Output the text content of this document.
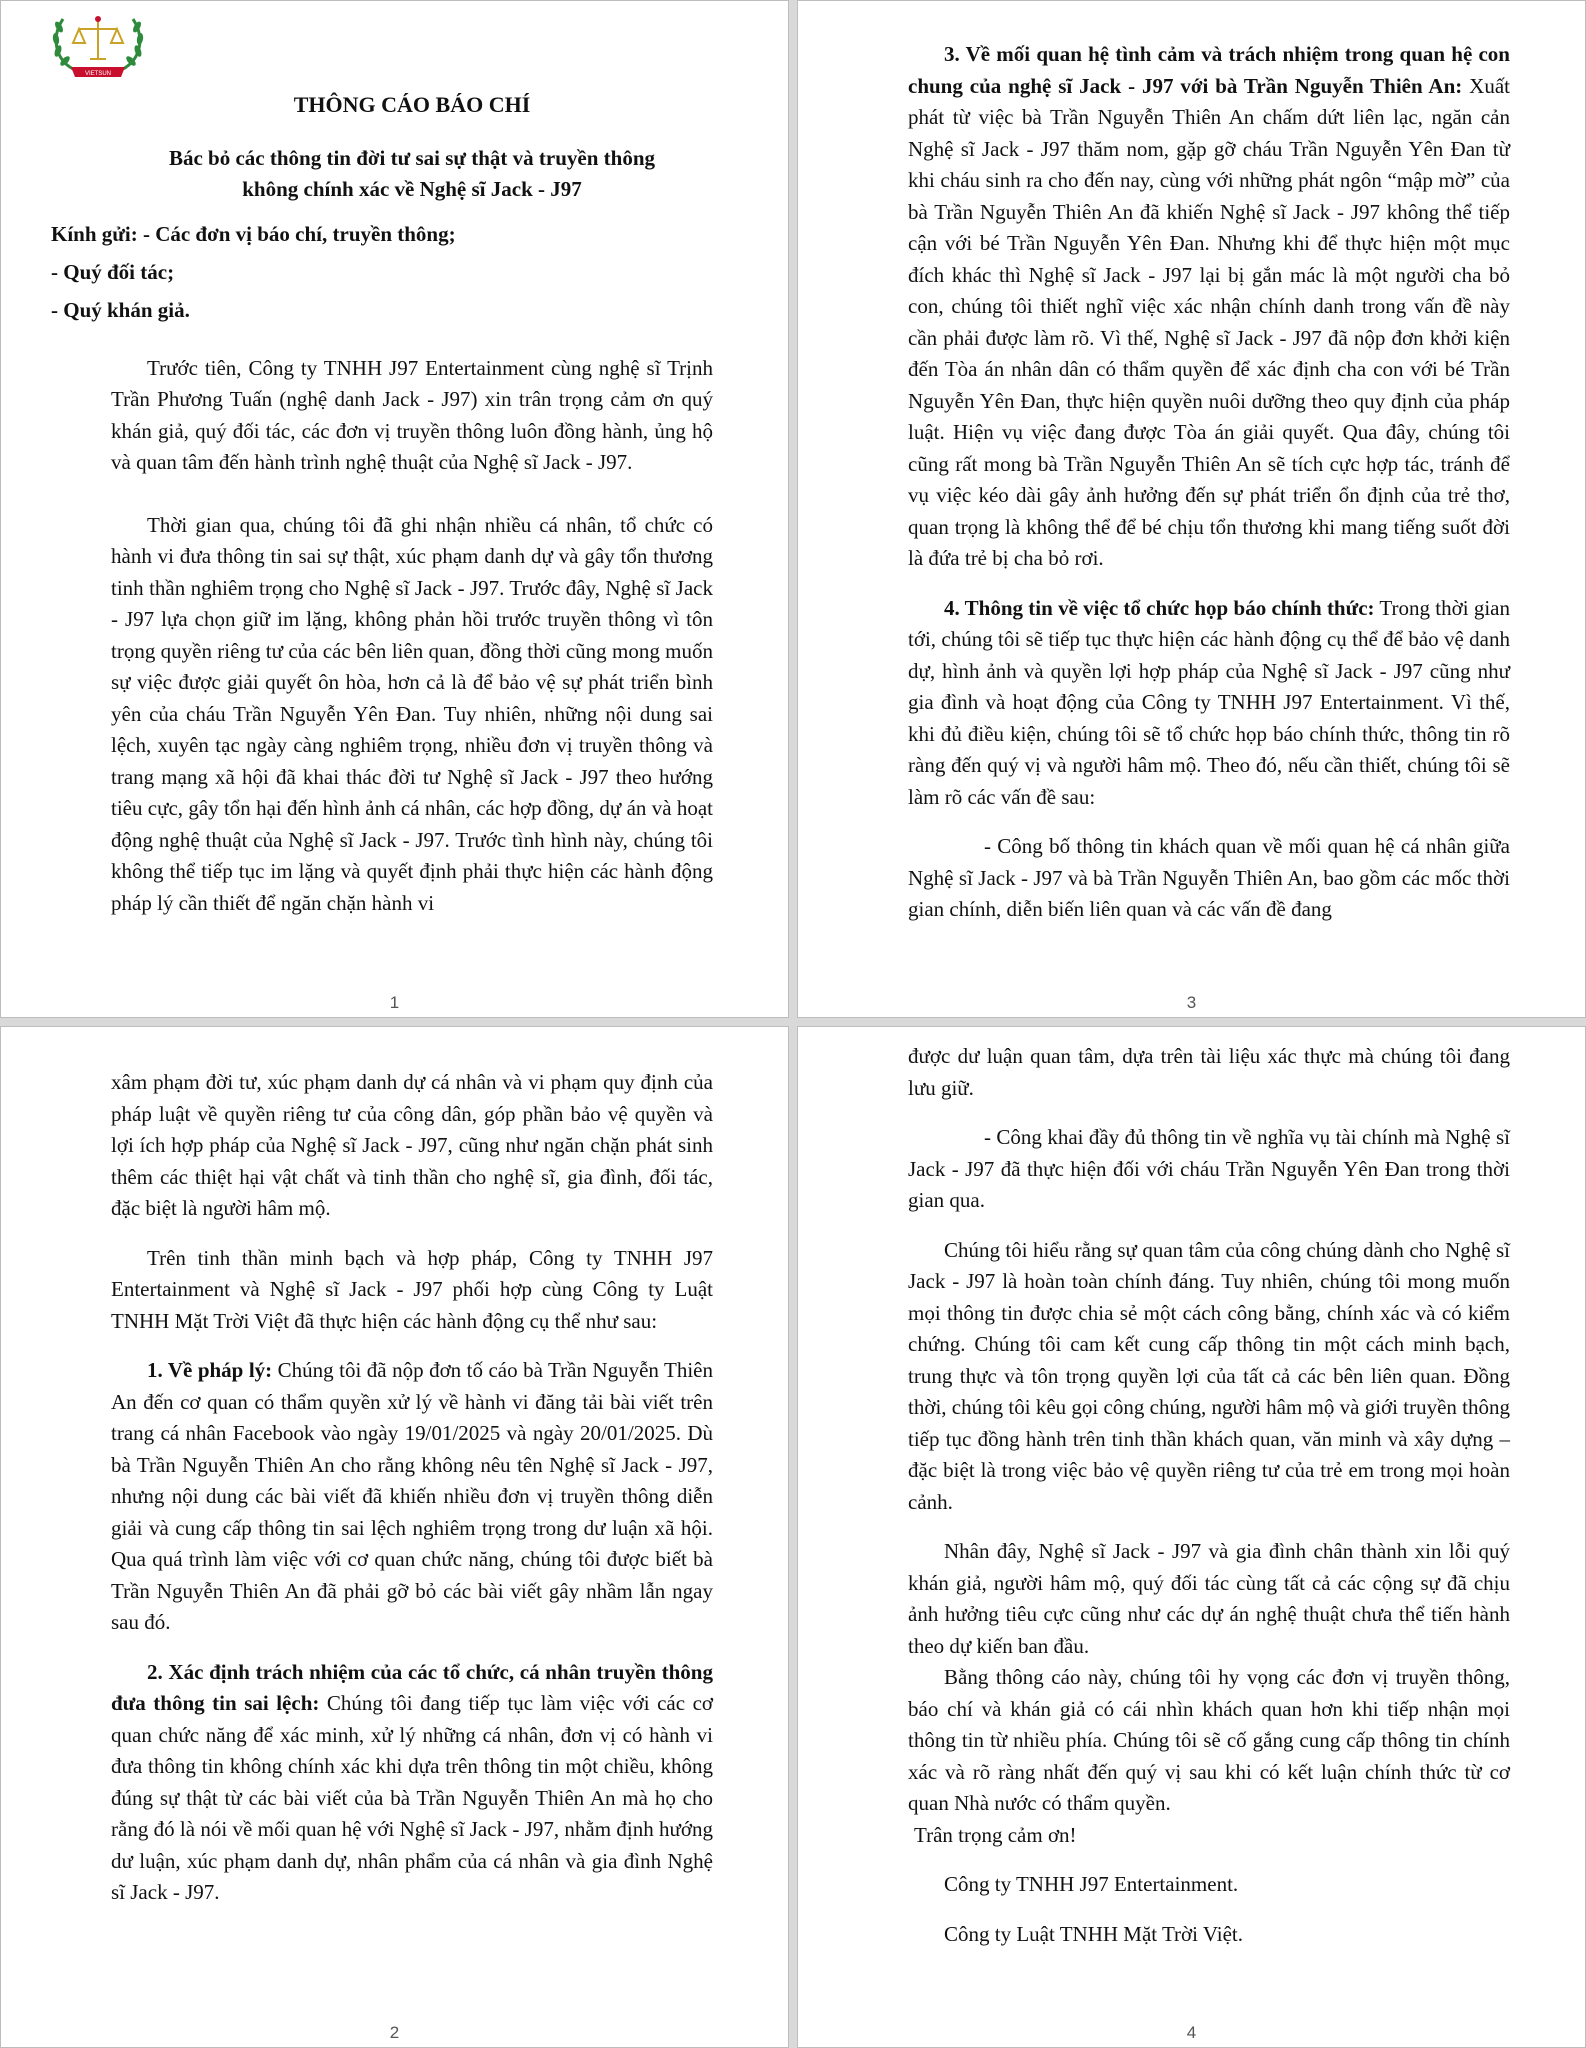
VIETSUN

THÔNG CÁO BÁO CHÍ

Bác bỏ các thông tin đời tư sai sự thật và truyền thông

không chính xác về Nghệ sĩ Jack - J97

Kính gửi: - Các đơn vị báo chí, truyền thông;

- Quý đối tác;

- Quý khán giả.

Trước tiên, Công ty TNHH J97 Entertainment cùng nghệ sĩ Trịnh Trần Phương Tuấn (nghệ danh Jack - J97) xin trân trọng cảm ơn quý khán giả, quý đối tác, các đơn vị truyền thông luôn đồng hành, ủng hộ và quan tâm đến hành trình nghệ thuật của Nghệ sĩ Jack - J97.

Thời gian qua, chúng tôi đã ghi nhận nhiều cá nhân, tổ chức có hành vi đưa thông tin sai sự thật, xúc phạm danh dự và gây tổn thương tinh thần nghiêm trọng cho Nghệ sĩ Jack - J97. Trước đây, Nghệ sĩ Jack - J97 lựa chọn giữ im lặng, không phản hồi trước truyền thông vì tôn trọng quyền riêng tư của các bên liên quan, đồng thời cũng mong muốn sự việc được giải quyết ôn hòa, hơn cả là để bảo vệ sự phát triển bình yên của cháu Trần Nguyễn Yên Đan. Tuy nhiên, những nội dung sai lệch, xuyên tạc ngày càng nghiêm trọng, nhiều đơn vị truyền thông và trang mạng xã hội đã khai thác đời tư Nghệ sĩ Jack - J97 theo hướng tiêu cực, gây tổn hại đến hình ảnh cá nhân, các hợp đồng, dự án và hoạt động nghệ thuật của Nghệ sĩ Jack - J97. Trước tình hình này, chúng tôi không thể tiếp tục im lặng và quyết định phải thực hiện các hành động pháp lý cần thiết để ngăn chặn hành vi

1

3. Về mối quan hệ tình cảm và trách nhiệm trong quan hệ con chung của nghệ sĩ Jack - J97 với bà Trần Nguyễn Thiên An: Xuất phát từ việc bà Trần Nguyễn Thiên An chấm dứt liên lạc, ngăn cản Nghệ sĩ Jack - J97 thăm nom, gặp gỡ cháu Trần Nguyễn Yên Đan từ khi cháu sinh ra cho đến nay, cùng với những phát ngôn “mập mờ” của bà Trần Nguyễn Thiên An đã khiến Nghệ sĩ Jack - J97 không thể tiếp cận với bé Trần Nguyễn Yên Đan. Nhưng khi để thực hiện một mục đích khác thì Nghệ sĩ Jack - J97 lại bị gắn mác là một người cha bỏ con, chúng tôi thiết nghĩ việc xác nhận chính danh trong vấn đề này cần phải được làm rõ. Vì thế, Nghệ sĩ Jack - J97 đã nộp đơn khởi kiện đến Tòa án nhân dân có thẩm quyền để xác định cha con với bé Trần Nguyễn Yên Đan, thực hiện quyền nuôi dưỡng theo quy định của pháp luật. Hiện vụ việc đang được Tòa án giải quyết. Qua đây, chúng tôi cũng rất mong bà Trần Nguyễn Thiên An sẽ tích cực hợp tác, tránh để vụ việc kéo dài gây ảnh hưởng đến sự phát triển ổn định của trẻ thơ, quan trọng là không thể để bé chịu tổn thương khi mang tiếng suốt đời là đứa trẻ bị cha bỏ rơi.

4. Thông tin về việc tổ chức họp báo chính thức: Trong thời gian tới, chúng tôi sẽ tiếp tục thực hiện các hành động cụ thể để bảo vệ danh dự, hình ảnh và quyền lợi hợp pháp của Nghệ sĩ Jack - J97 cũng như gia đình và hoạt động của Công ty TNHH J97 Entertainment. Vì thế, khi đủ điều kiện, chúng tôi sẽ tổ chức họp báo chính thức, thông tin rõ ràng đến quý vị và người hâm mộ. Theo đó, nếu cần thiết, chúng tôi sẽ làm rõ các vấn đề sau:

- Công bố thông tin khách quan về mối quan hệ cá nhân giữa Nghệ sĩ Jack - J97 và bà Trần Nguyễn Thiên An, bao gồm các mốc thời gian chính, diễn biến liên quan và các vấn đề đang

3

xâm phạm đời tư, xúc phạm danh dự cá nhân và vi phạm quy định của pháp luật về quyền riêng tư của công dân, góp phần bảo vệ quyền và lợi ích hợp pháp của Nghệ sĩ Jack - J97, cũng như ngăn chặn phát sinh thêm các thiệt hại vật chất và tinh thần cho nghệ sĩ, gia đình, đối tác, đặc biệt là người hâm mộ.

Trên tinh thần minh bạch và hợp pháp, Công ty TNHH J97 Entertainment và Nghệ sĩ Jack - J97 phối hợp cùng Công ty Luật TNHH Mặt Trời Việt đã thực hiện các hành động cụ thể như sau:

1. Về pháp lý: Chúng tôi đã nộp đơn tố cáo bà Trần Nguyễn Thiên An đến cơ quan có thẩm quyền xử lý về hành vi đăng tải bài viết trên trang cá nhân Facebook vào ngày 19/01/2025 và ngày 20/01/2025. Dù bà Trần Nguyễn Thiên An cho rằng không nêu tên Nghệ sĩ Jack - J97, nhưng nội dung các bài viết đã khiến nhiều đơn vị truyền thông diễn giải và cung cấp thông tin sai lệch nghiêm trọng trong dư luận xã hội. Qua quá trình làm việc với cơ quan chức năng, chúng tôi được biết bà Trần Nguyễn Thiên An đã phải gỡ bỏ các bài viết gây nhầm lẫn ngay sau đó.

2. Xác định trách nhiệm của các tổ chức, cá nhân truyền thông đưa thông tin sai lệch: Chúng tôi đang tiếp tục làm việc với các cơ quan chức năng để xác minh, xử lý những cá nhân, đơn vị có hành vi đưa thông tin không chính xác khi dựa trên thông tin một chiều, không đúng sự thật từ các bài viết của bà Trần Nguyễn Thiên An mà họ cho rằng đó là nói về mối quan hệ với Nghệ sĩ Jack - J97, nhằm định hướng dư luận, xúc phạm danh dự, nhân phẩm của cá nhân và gia đình Nghệ sĩ Jack - J97.

2

được dư luận quan tâm, dựa trên tài liệu xác thực mà chúng tôi đang lưu giữ.

- Công khai đầy đủ thông tin về nghĩa vụ tài chính mà Nghệ sĩ Jack - J97 đã thực hiện đối với cháu Trần Nguyễn Yên Đan trong thời gian qua.

Chúng tôi hiểu rằng sự quan tâm của công chúng dành cho Nghệ sĩ Jack - J97 là hoàn toàn chính đáng. Tuy nhiên, chúng tôi mong muốn mọi thông tin được chia sẻ một cách công bằng, chính xác và có kiểm chứng. Chúng tôi cam kết cung cấp thông tin một cách minh bạch, trung thực và tôn trọng quyền lợi của tất cả các bên liên quan. Đồng thời, chúng tôi kêu gọi công chúng, người hâm mộ và giới truyền thông tiếp tục đồng hành trên tinh thần khách quan, văn minh và xây dựng – đặc biệt là trong việc bảo vệ quyền riêng tư của trẻ em trong mọi hoàn cảnh.

Nhân đây, Nghệ sĩ Jack - J97 và gia đình chân thành xin lỗi quý khán giả, người hâm mộ, quý đối tác cùng tất cả các cộng sự đã chịu ảnh hưởng tiêu cực cũng như các dự án nghệ thuật chưa thể tiến hành theo dự kiến ban đầu.

Bằng thông cáo này, chúng tôi hy vọng các đơn vị truyền thông, báo chí và khán giả có cái nhìn khách quan hơn khi tiếp nhận mọi thông tin từ nhiều phía. Chúng tôi sẽ cố gắng cung cấp thông tin chính xác và rõ ràng nhất đến quý vị sau khi có kết luận chính thức từ cơ quan Nhà nước có thẩm quyền.

Trân trọng cảm ơn!

Công ty TNHH J97 Entertainment.

Công ty Luật TNHH Mặt Trời Việt.

4
